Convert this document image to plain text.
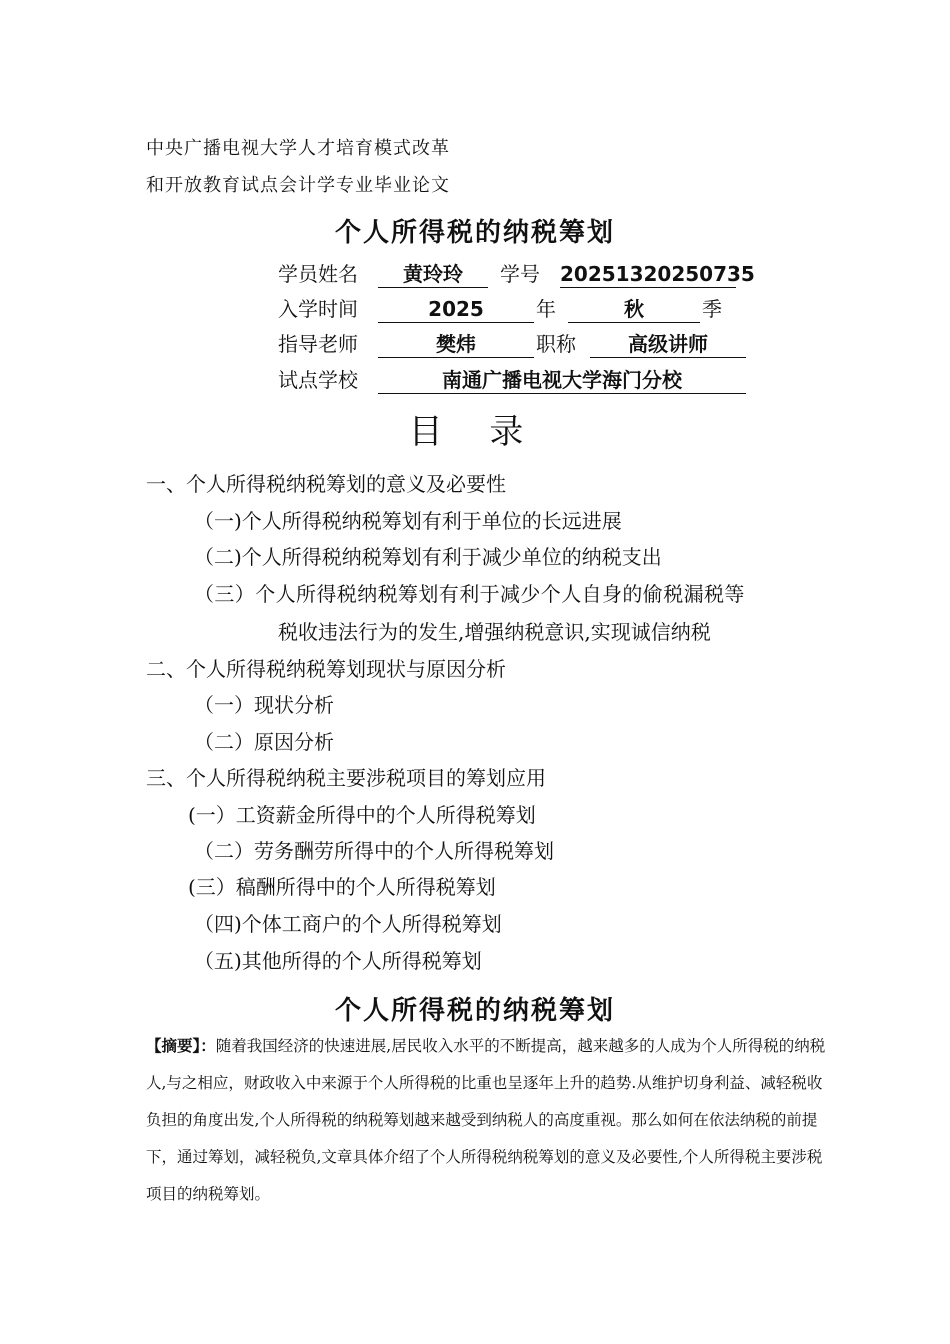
中央广播电视大学人才培育模式改革
和开放教育试点会计学专业毕业论文
个人所得税的纳税筹划
学员姓名	黄玲玲	学号 20251320250735
入学时间	2025	年	秋	季
指导老师	樊炜	职称	高级讲师
试点学校	南通广播电视大学海门分校
目 录
一、个人所得税纳税筹划的意义及必要性
（一)个人所得税纳税筹划有利于单位的长远进展
（二)个人所得税纳税筹划有利于减少单位的纳税支出
（三）个人所得税纳税筹划有利于减少个人自身的偷税漏税等
税收违法行为的发生,增强纳税意识,实现诚信纳税
二、个人所得税纳税筹划现状与原因分析
（一）现状分析
（二）原因分析
三、个人所得税纳税主要涉税项目的筹划应用
(一）工资薪金所得中的个人所得税筹划
（二）劳务酬劳所得中的个人所得税筹划
(三）稿酬所得中的个人所得税筹划
（四)个体工商户的个人所得税筹划
（五)其他所得的个人所得税筹划
个人所得税的纳税筹划
【摘要】：随着我国经济的快速进展,居民收入水平的不断提高，越来越多的人成为个人所得税的纳税人,与之相应，财政收入中来源于个人所得税的比重也呈逐年上升的趋势.从维护切身利益、减轻税收负担的角度出发,个人所得税的纳税筹划越来越受到纳税人的高度重视。那么如何在依法纳税的前提下，通过筹划，减轻税负,文章具体介绍了个人所得税纳税筹划的意义及必要性,个人所得税主要涉税项目的纳税筹划。
